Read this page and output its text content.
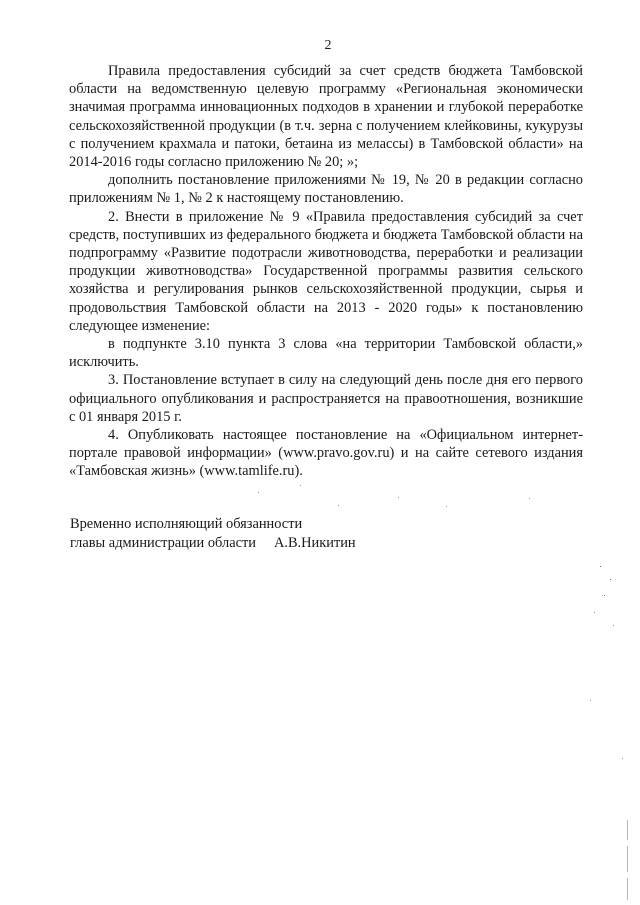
2

Правила предоставления субсидий за счет средств бюджета Тамбовской области на ведомственную целевую программу «Региональная экономически значимая программа инновационных подходов в хранении и глубокой переработке сельскохозяйственной продукции (в т.ч. зерна с получением клейковины, кукурузы с получением крахмала и патоки, бетаина из мелассы) в Тамбовской области» на 2014-2016 годы согласно приложению № 20; »;

дополнить постановление приложениями № 19, № 20 в редакции согласно приложениям № 1, № 2 к настоящему постановлению.

2. Внести в приложение № 9 «Правила предоставления субсидий за счет средств, поступивших из федерального бюджета и бюджета Тамбовской области на подпрограмму «Развитие подотрасли животноводства, переработки и реализации продукции животноводства» Государственной программы развития сельского хозяйства и регулирования рынков сельскохозяйственной продукции, сырья и продовольствия Тамбовской области на 2013 - 2020 годы» к постановлению следующее изменение:

в подпункте 3.10 пункта 3 слова «на территории Тамбовской области,» исключить.

3. Постановление вступает в силу на следующий день после дня его первого официального опубликования и распространяется на правоотношения, возникшие с 01 января 2015 г.

4. Опубликовать настоящее постановление на «Официальном интернет-портале правовой информации» (www.pravo.gov.ru) и на сайте сетевого издания «Тамбовская жизнь» (www.tamlife.ru).

Временно исполняющий обязанности
главы администрации области А.В.Никитин
